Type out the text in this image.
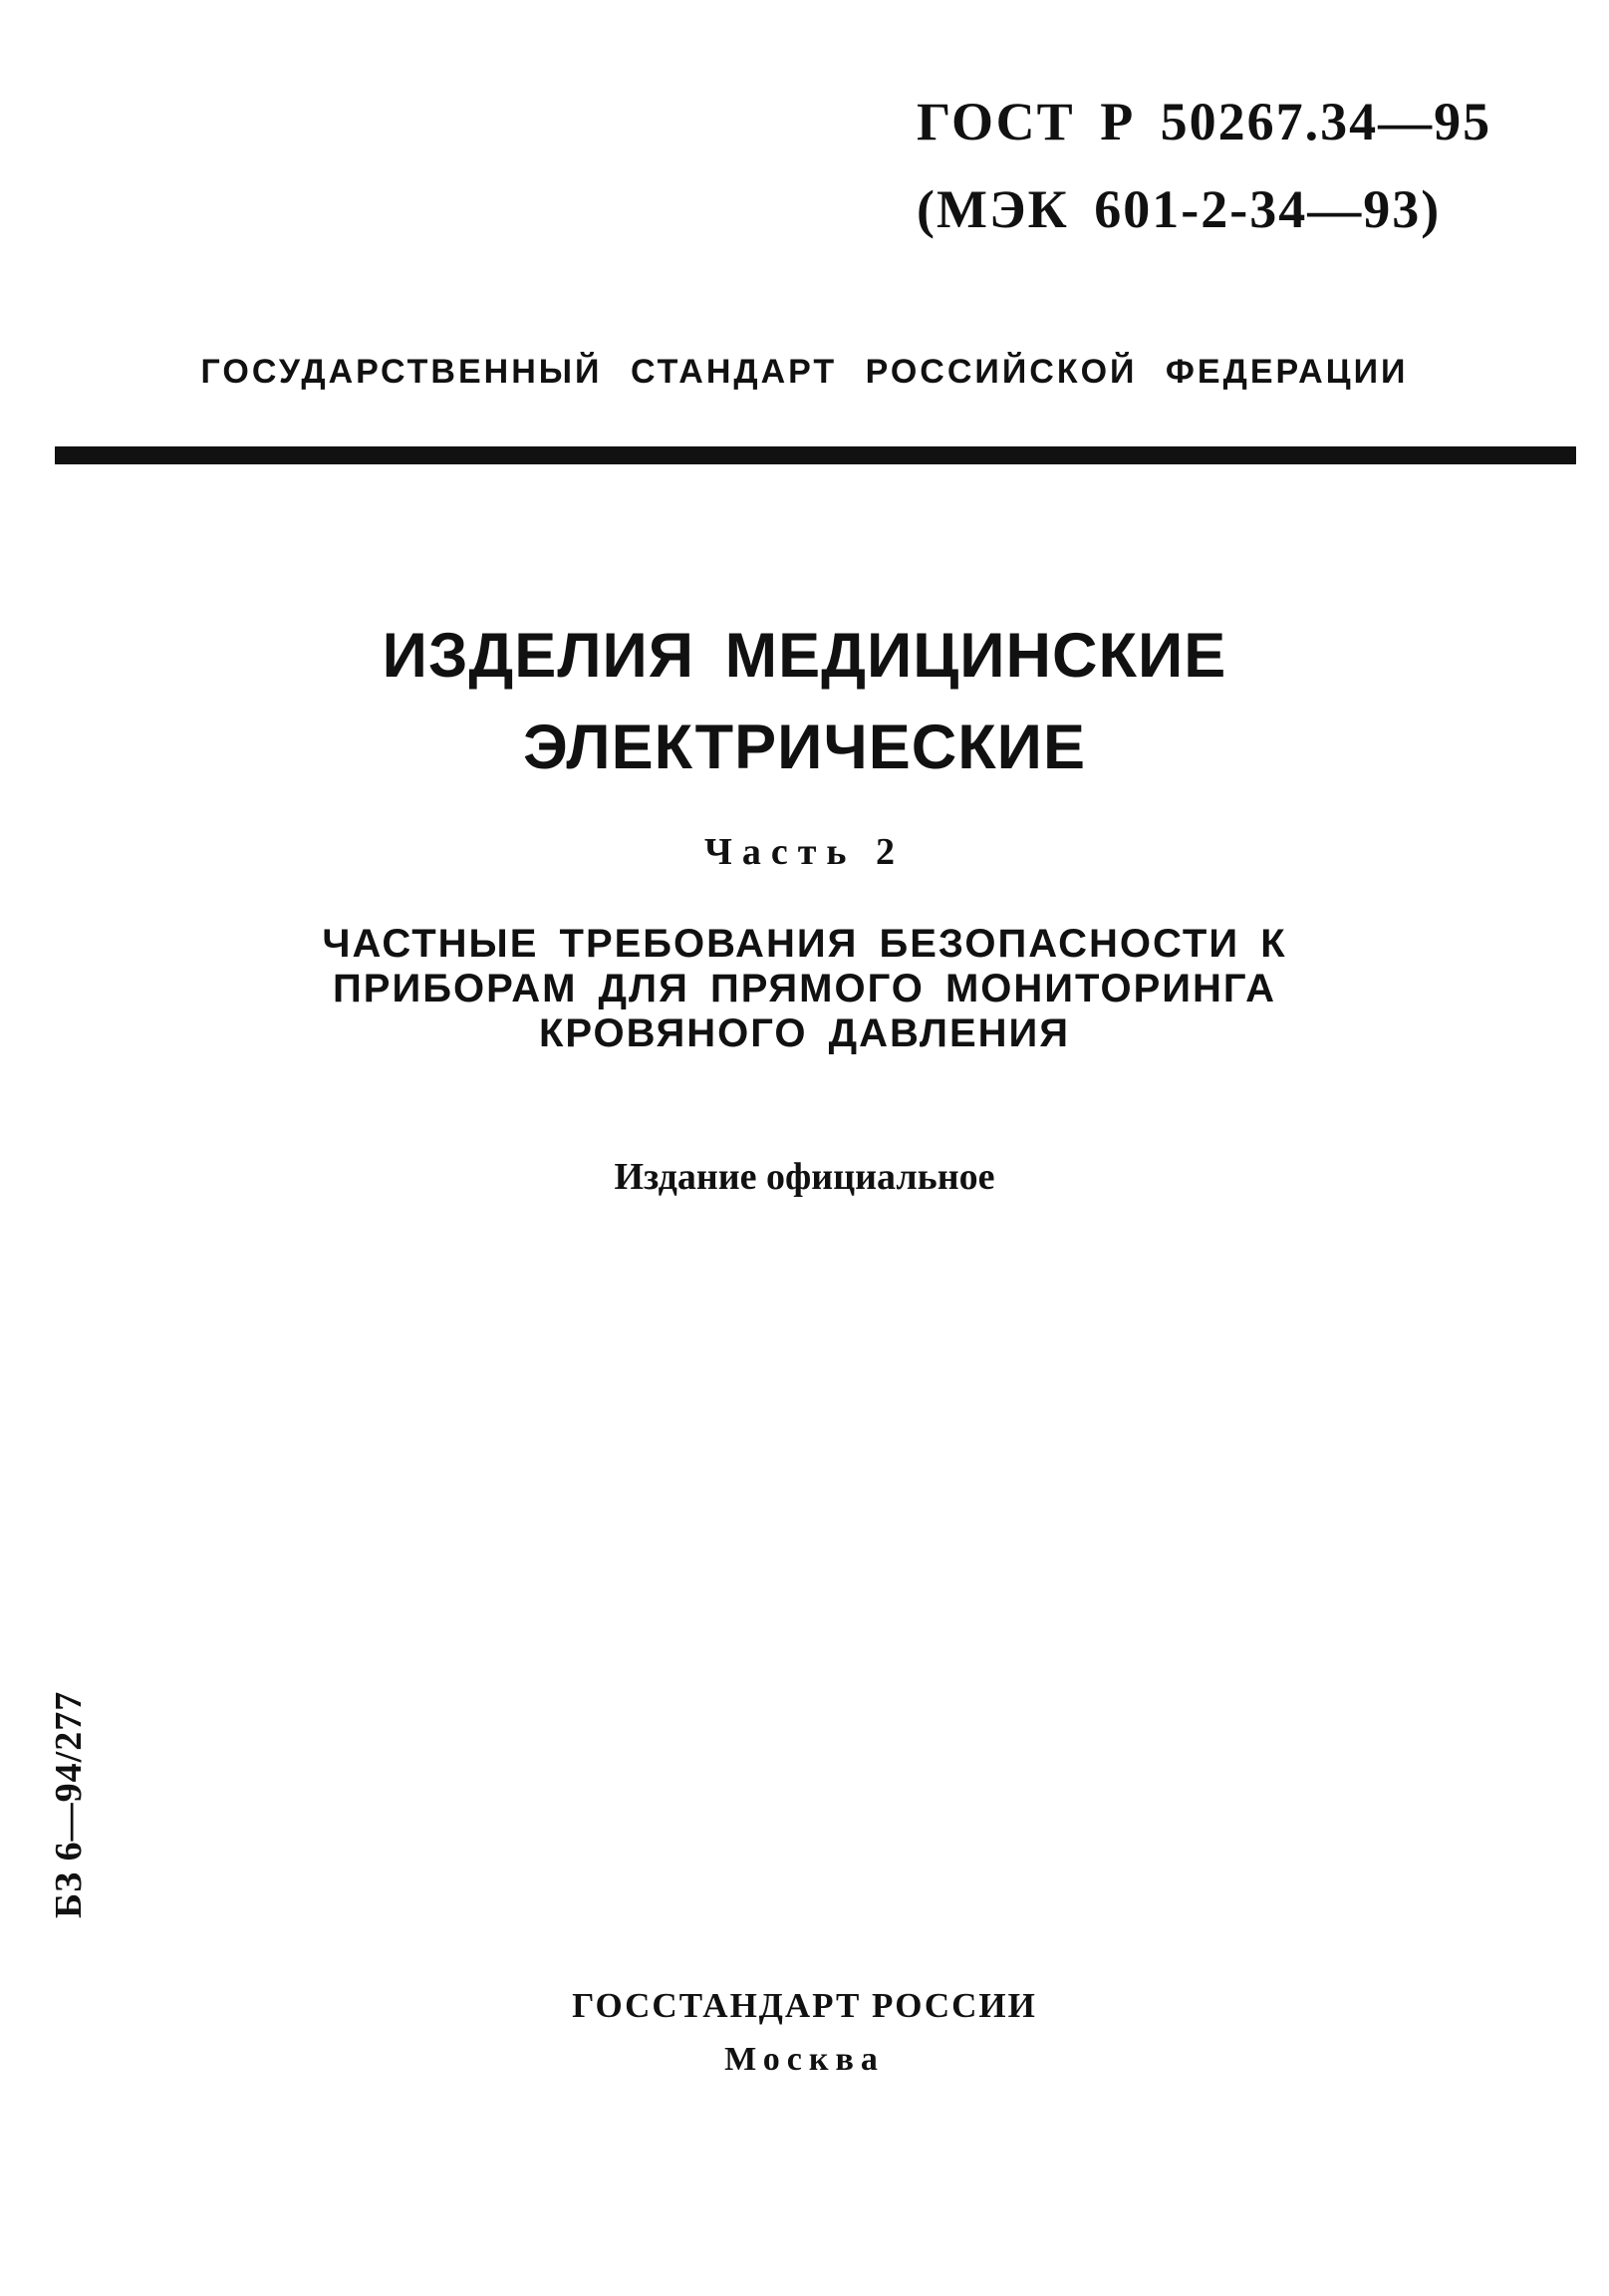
ГОСТ Р 50267.34—95
(МЭК 601-2-34—93)
ГОСУДАРСТВЕННЫЙ СТАНДАРТ РОССИЙСКОЙ ФЕДЕРАЦИИ
ИЗДЕЛИЯ МЕДИЦИНСКИЕ
ЭЛЕКТРИЧЕСКИЕ
Часть 2
ЧАСТНЫЕ ТРЕБОВАНИЯ БЕЗОПАСНОСТИ К
ПРИБОРАМ ДЛЯ ПРЯМОГО МОНИТОРИНГА
КРОВЯНОГО ДАВЛЕНИЯ
Издание официальное
БЗ 6—94/277
ГОССТАНДАРТ РОССИИ
Москва
